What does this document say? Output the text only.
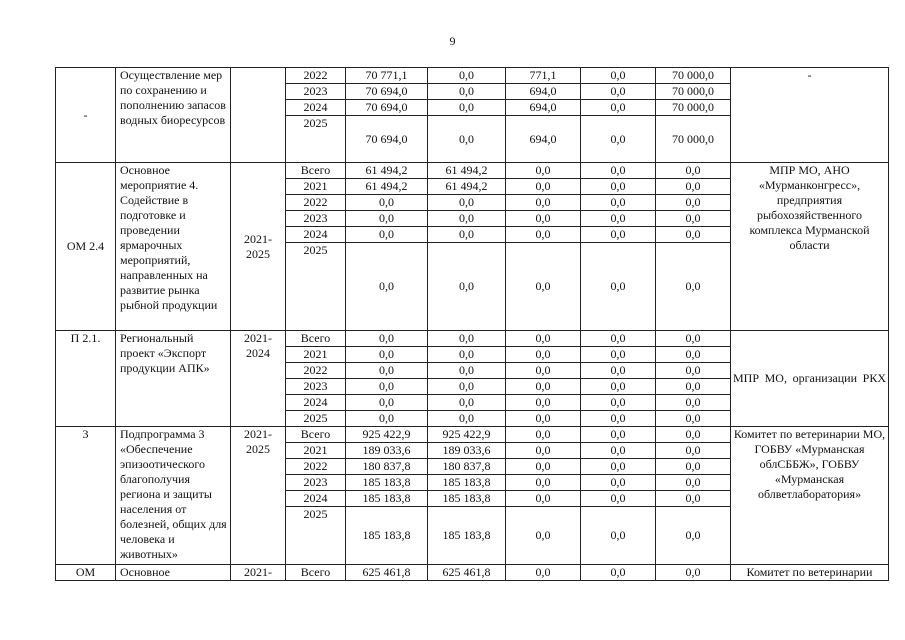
9
-	Осуществление мер по сохранению и пополнению запасов водных биоресурсов		2022	70 771,1	0,0	771,1	0,0	70 000,0	-
			2023	70 694,0	0,0	694,0	0,0	70 000,0	
			2024	70 694,0	0,0	694,0	0,0	70 000,0	
			2025	70 694,0	0,0	694,0	0,0	70 000,0	
ОМ 2.4	Основное мероприятие 4. Содействие в подготовке и проведении ярмарочных мероприятий, направленных на развитие рынка рыбной продукции	2021-2025	Всего	61 494,2	61 494,2	0,0	0,0	0,0	МПР МО, АНО «Мурманконгресс», предприятия рыбохозяйственного комплекса Мурманской области
			2021	61 494,2	61 494,2	0,0	0,0	0,0	
			2022	0,0	0,0	0,0	0,0	0,0	
			2023	0,0	0,0	0,0	0,0	0,0	
			2024	0,0	0,0	0,0	0,0	0,0	
			2025	0,0	0,0	0,0	0,0	0,0	
П 2.1.	Региональный проект «Экспорт продукции АПК»	2021-2024	Всего	0,0	0,0	0,0	0,0	0,0	МПР МО, организации РКХ
			2021	0,0	0,0	0,0	0,0	0,0	
			2022	0,0	0,0	0,0	0,0	0,0	
			2023	0,0	0,0	0,0	0,0	0,0	
			2024	0,0	0,0	0,0	0,0	0,0	
			2025	0,0	0,0	0,0	0,0	0,0	
3	Подпрограмма 3 «Обеспечение эпизоотического благополучия региона и защиты населения от болезней, общих для человека и животных»	2021-2025	Всего	925 422,9	925 422,9	0,0	0,0	0,0	Комитет по ветеринарии МО, ГОБВУ «Мурманская облСББЖ», ГОБВУ «Мурманская облветлаборатория»
			2021	189 033,6	189 033,6	0,0	0,0	0,0	
			2022	180 837,8	180 837,8	0,0	0,0	0,0	
			2023	185 183,8	185 183,8	0,0	0,0	0,0	
			2024	185 183,8	185 183,8	0,0	0,0	0,0	
			2025	185 183,8	185 183,8	0,0	0,0	0,0	
ОМ	Основное	2021-	Всего	625 461,8	625 461,8	0,0	0,0	0,0	Комитет по ветеринарии
